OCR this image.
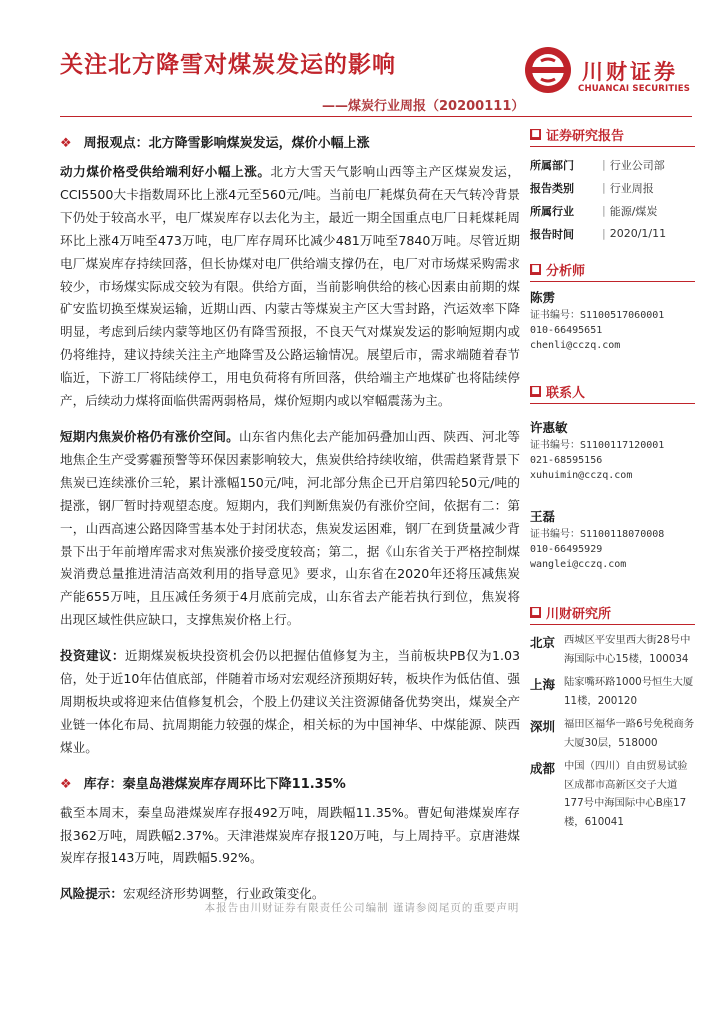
关注北方降雪对煤炭发运的影响
——煤炭行业周报（20200111）
川财证券
CHUANCAI SECURITIES
❖ 周报观点：北方降雪影响煤炭发运，煤价小幅上涨

动力煤价格受供给端利好小幅上涨。北方大雪天气影响山西等主产区煤炭发运，CCI5500大卡指数周环比上涨4元至560元/吨。当前电厂耗煤负荷在天气转冷背景下仍处于较高水平，电厂煤炭库存以去化为主，最近一期全国重点电厂日耗煤耗周环比上涨4万吨至473万吨，电厂库存周环比减少481万吨至7840万吨。尽管近期电厂煤炭库存持续回落，但长协煤对电厂供给端支撑仍在，电厂对市场煤采购需求较少，市场煤实际成交较为有限。供给方面，当前影响供给的核心因素由前期的煤矿安监切换至煤炭运输，近期山西、内蒙古等煤炭主产区大雪封路，汽运效率下降明显，考虑到后续内蒙等地区仍有降雪预报，不良天气对煤炭发运的影响短期内或仍将维持，建议持续关注主产地降雪及公路运输情况。展望后市，需求端随着春节临近，下游工厂将陆续停工，用电负荷将有所回落，供给端主产地煤矿也将陆续停产，后续动力煤将面临供需两弱格局，煤价短期内或以窄幅震荡为主。

短期内焦炭价格仍有涨价空间。山东省内焦化去产能加码叠加山西、陕西、河北等地焦企生产受雾霾预警等环保因素影响较大，焦炭供给持续收缩，供需趋紧背景下焦炭已连续涨价三轮，累计涨幅150元/吨，河北部分焦企已开启第四轮50元/吨的提涨，钢厂暂时持观望态度。短期内，我们判断焦炭仍有涨价空间，依据有二：第一，山西高速公路因降雪基本处于封闭状态，焦炭发运困难，钢厂在到货量减少背景下出于年前增库需求对焦炭涨价接受度较高；第二，据《山东省关于严格控制煤炭消费总量推进清洁高效利用的指导意见》要求，山东省在2020年还将压减焦炭产能655万吨，且压减任务须于4月底前完成，山东省去产能若执行到位，焦炭将出现区域性供应缺口，支撑焦炭价格上行。

投资建议：近期煤炭板块投资机会仍以把握估值修复为主，当前板块PB仅为1.03倍，处于近10年估值底部，伴随着市场对宏观经济预期好转，板块作为低估值、强周期板块或将迎来估值修复机会，个股上仍建议关注资源储备优势突出，煤炭全产业链一体化布局、抗周期能力较强的煤企，相关标的为中国神华、中煤能源、陕西煤业。

❖ 库存：秦皇岛港煤炭库存周环比下降11.35%

截至本周末，秦皇岛港煤炭库存报492万吨，周跌幅11.35%。曹妃甸港煤炭库存报362万吨，周跌幅2.37%。天津港煤炭库存报120万吨，与上周持平。京唐港煤炭库存报143万吨，周跌幅5.92%。

风险提示：宏观经济形势调整，行业政策变化。

■ 证券研究报告
所属部门	| 行业公司部
报告类别	| 行业周报
所属行业	| 能源/煤炭
报告时间	| 2020/1/11
■ 分析师
陈雳
证书编号：S1100517060001
010-66495651
chenli@cczq.com
■ 联系人
许惠敏
证书编号：S1100117120001
021-68595156
xuhuimin@cczq.com
王磊
证书编号：S1100118070008
010-66495929
wanglei@cczq.com
■ 川财研究所
北京 西城区平安里西大街28号中海国际中心15楼，100034
上海 陆家嘴环路1000号恒生大厦11楼，200120
深圳 福田区福华一路6号免税商务大厦30层，518000
成都 中国（四川）自由贸易试验区成都市高新区交子大道177号中海国际中心B座17楼，610041
本报告由川财证券有限责任公司编制 谨请参阅尾页的重要声明
